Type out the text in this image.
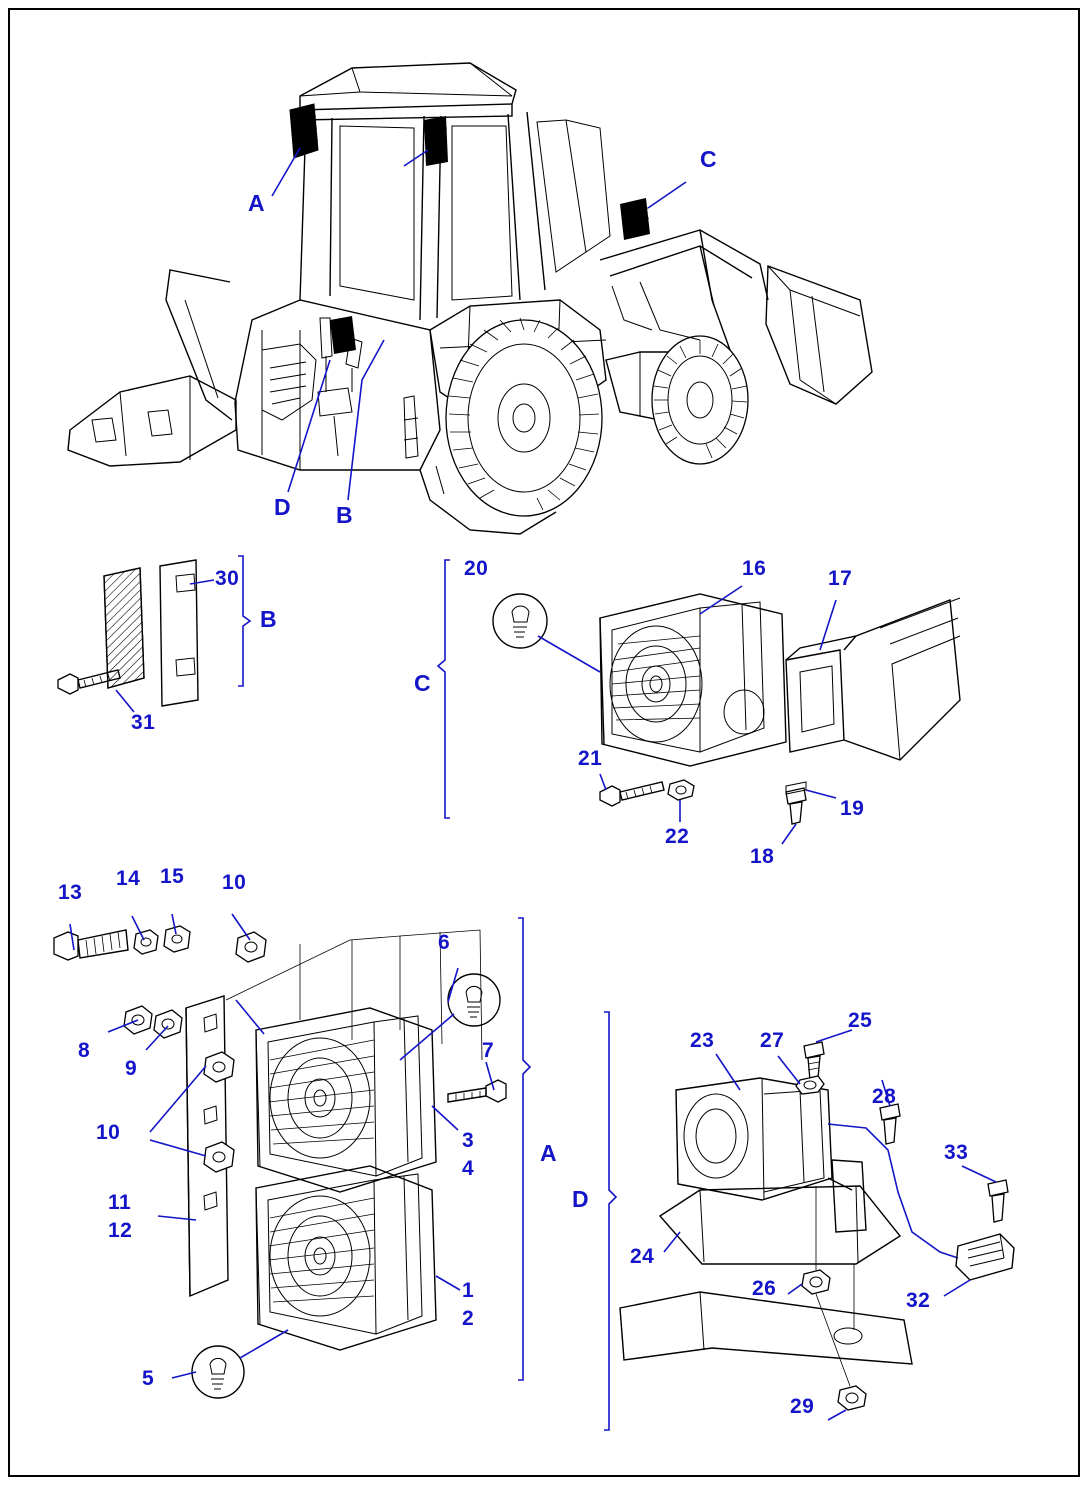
A
B
C
D
30
31
B
20	16	17
21
22
18
19
C
13
14 15 10
6
7
8
9
10	3
4
11
12
1
2
5
A
23 27
25
28
33
24
26
32
29
D
